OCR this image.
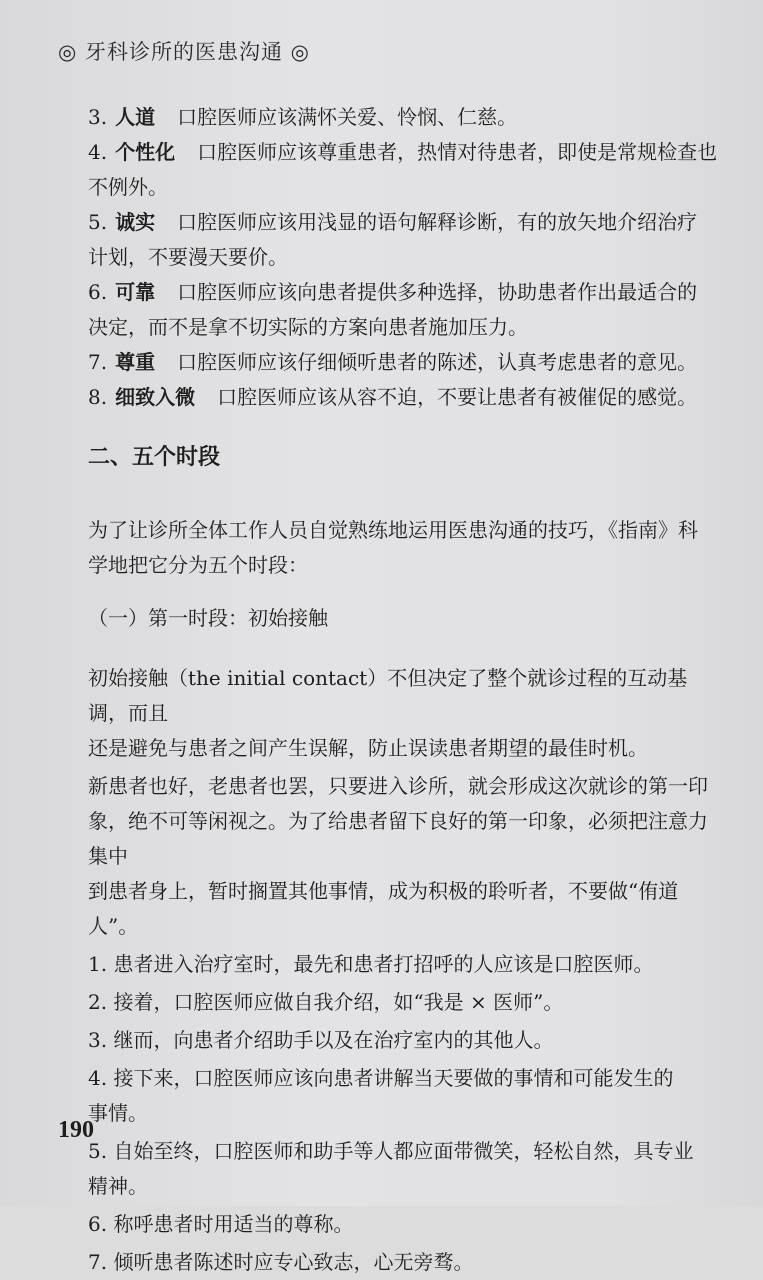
◎ 牙科诊所的医患沟通 ◎

3. 人道 口腔医师应该满怀关爱、怜悯、仁慈。

4. 个性化 口腔医师应该尊重患者，热情对待患者，即使是常规检查也

不例外。

5. 诚实 口腔医师应该用浅显的语句解释诊断，有的放矢地介绍治疗

计划，不要漫天要价。

6. 可靠 口腔医师应该向患者提供多种选择，协助患者作出最适合的

决定，而不是拿不切实际的方案向患者施加压力。

7. 尊重 口腔医师应该仔细倾听患者的陈述，认真考虑患者的意见。

8. 细致入微 口腔医师应该从容不迫，不要让患者有被催促的感觉。

二、五个时段

为了让诊所全体工作人员自觉熟练地运用医患沟通的技巧，《指南》科

学地把它分为五个时段：

（一）第一时段：初始接触

初始接触（the initial contact）不但决定了整个就诊过程的互动基调，而且

还是避免与患者之间产生误解，防止误读患者期望的最佳时机。

新患者也好，老患者也罢，只要进入诊所，就会形成这次就诊的第一印

象，绝不可等闲视之。为了给患者留下良好的第一印象，必须把注意力集中

到患者身上，暂时搁置其他事情，成为积极的聆听者，不要做“侑道人”。

1. 患者进入治疗室时，最先和患者打招呼的人应该是口腔医师。

2. 接着，口腔医师应做自我介绍，如“我是 × 医师”。

3. 继而，向患者介绍助手以及在治疗室内的其他人。

4. 接下来，口腔医师应该向患者讲解当天要做的事情和可能发生的

事情。

5. 自始至终，口腔医师和助手等人都应面带微笑，轻松自然，具专业

精神。

6. 称呼患者时用适当的尊称。

7. 倾听患者陈述时应专心致志，心无旁骛。

190
